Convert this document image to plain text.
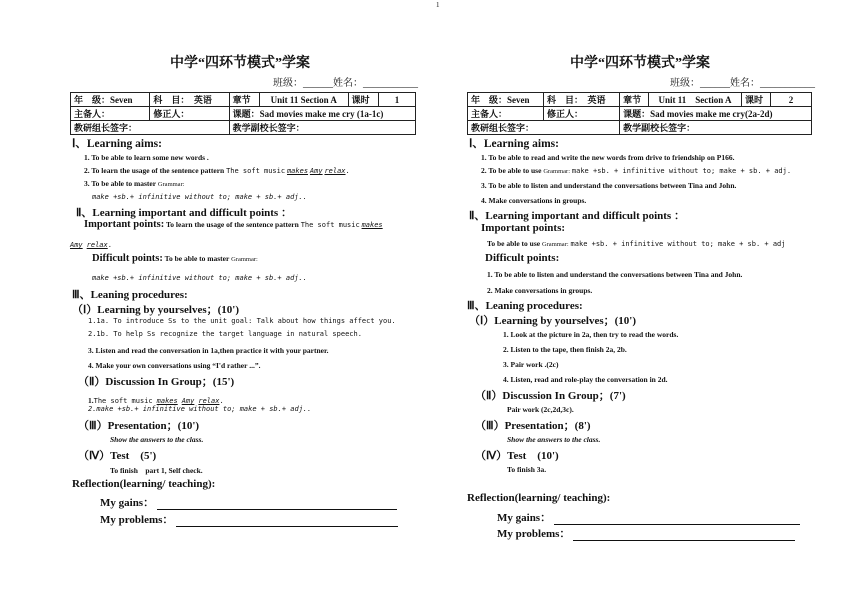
1
中学“四环节模式”学案
班级：______姓名：___________
年　级：Seven	科　目：　英语	章节	Unit 11 Section A	课时	1
主备人：	修正人：	课题：Sad movies make me cry (1a-1c)			
教研组长签字：		教学副校长签字：			
Ⅰ、Learning aims:
1. To be able to learn some new words .
2. To learn the usage of the sentence pattern The soft music makes Amy relax.
3. To be able to master Grammar:
make +sb.+ infinitive without to; make + sb.+ adj..
Ⅱ、Learning important and difficult points ：
Important points: To learn the usage of the sentence pattern The soft music makes
Amy relax.
Difficult points: To be able to master Grammar:
make +sb.+ infinitive without to; make + sb.+ adj..
Ⅲ、Leaning procedures:
（Ⅰ）Learning by yourselves；(10')
1.1a. To introduce Ss to the unit goal: Talk about how things affect you.
2.1b. To help Ss recognize the target language in natural speech.
3. Listen and read the conversation in 1a,then practice it with your partner.
4. Make your own conversations using “I'd rather ...”.
（Ⅱ）Discussion In Group；(15')
1.The soft music makes Amy relax.
2.make +sb.+ infinitive without to; make + sb.+ adj..
（Ⅲ）Presentation；(10')
Show the answers to the class.
（Ⅳ）Test　(5')
To finish　part 1, Self check.
Reflection(learning/ teaching):
My gains：
My problems：
中学“四环节模式”学案
班级：______姓名：___________
年　级：Seven	科　目：　英语	章节	Unit 11　Section A	课时	2
主备人：	修正人：	课题：Sad movies make me cry(2a-2d)			
教研组长签字：		教学副校长签字：			
Ⅰ、Learning aims:
1. To be able to read and write the new words from drive to friendship on P166.
2. To be able to use Grammar: make +sb. + infinitive without to; make + sb. + adj.
3. To be able to listen and understand the conversations between Tina and John.
4. Make conversations in groups.
Ⅱ、Learning important and difficult points ：
Important points:
To be able to use Grammar: make +sb. + infinitive without to; make + sb. + adj
Difficult points:
1. To be able to listen and understand the conversations between Tina and John.
2. Make conversations in groups.
Ⅲ、Leaning procedures:
（Ⅰ）Learning by yourselves；(10')
1. Look at the picture in 2a, then try to read the words.
2. Listen to the tape, then finish 2a, 2b.
3. Pair work .(2c)
4. Listen, read and role-play the conversation in 2d.
（Ⅱ）Discussion In Group；(7')
Pair work (2c,2d,3c).
（Ⅲ）Presentation；(8')
Show the answers to the class.
（Ⅳ）Test　(10')
To finish 3a.
Reflection(learning/ teaching):
My gains：
My problems：
